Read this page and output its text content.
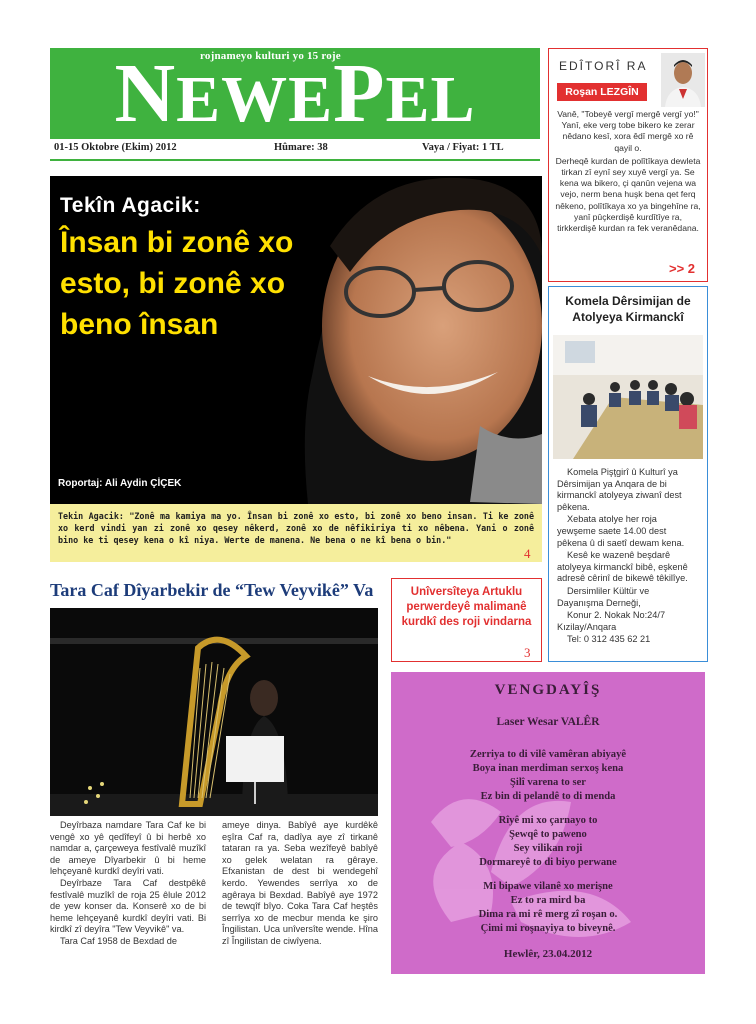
rojnameyo kulturi yo 15 roje
NEWEPEL
01-15 Oktobre (Ekim) 2012	Hûmare: 38	Vaya / Fiyat: 1 TL
EDÎTORÎ RA
Roşan LEZGÎN

Vanê, "Tobeyê vergî mergê vergî yo!" Yanî, eke verg tobe bikero ke zerar nêdano kesî, xora êdî mergê xo rê qayil o.

Derheqê kurdan de polîtîkaya dewleta tirkan zî eynî sey xuyê vergî ya. Se kena wa bikero, çi qanûn vejena wa vejo, nerm bena huşk bena qet ferq nêkeno, polîtîkaya xo ya bingehîne ra, yanî pûçkerdişê kurdîtîye ra, tirkkerdişê kurdan ra fek veranêdana.

>> 2
Tekîn Agacik:
Însan bi zonê xo esto, bi zonê xo beno însan
Roportaj: Ali Aydin ÇİÇEK
Tekin Agacik: "Zonê ma kamiya ma yo. Însan bi zonê xo esto, bi zonê xo beno insan. Ti ke zonê xo kerd vindi yan zi zonê xo qesey nêkerd, zonê xo de nêfikiriya ti xo nêbena. Yani o zonê bino ke ti qesey kena o kî niya. Werte de manena. Ne bena o ne kî bena o bin."
4
Tara Caf Dîyarbekir de “Tew Veyvikê” Va

Deyîrbaza namdare Tara Caf ke bi vengê xo yê qedîfeyî û bi herbê xo namdar a, çarçeweya festîvalê muzîkî de ameye Dîyarbekir û bi heme lehçeyanê kurdkî deyîri vati.

Deyîrbaze Tara Caf destpêkê festîvalê muzîkî de roja 25 êlule 2012 de yew konser da. Konserê xo de bi heme lehçeyanê kurdkî deyîri vati. Bi kirdkî zî deyîra "Tew Veyvikê" va.

Tara Caf 1958 de Bexdad de

ameye dinya. Babîyê aye kurdêkê eşîra Caf ra, dadîya aye zî tirkanê tataran ra ya. Seba wezîfeyê babîyê xo gelek welatan ra gêraye. Efxanistan de dest bi wendegehî kerdo. Yewendes serrîya xo de agêraya bi Bexdad. Babîyê aye 1972 de tewqîf bîyo. Coka Tara Caf heştês serrîya xo de mecbur menda ke şiro Îngilistan. Uca unîversîte wende. Hîna zî Îngilistan de ciwîyena.

Unîversîteya Artuklu perwerdeyê malimanê kurdkî des roji vindarna
3
Komela Dêrsimijan de Atolyeya Kirmanckî

Komela Pişţgirî û Kulturî ya Dêrsimijan ya Anqara de bi kirmanckî atolyeya ziwanî dest pêkena.

Xebata atolye her roja yewşeme saete 14.00 dest pêkena û di saetî dewam kena.

Kesê ke wazenê beşdarê atolyeya kirmanckî bibê, eşkenê adresê cêrinî de bikewê têkilîye.

Dersimliler Kültür ve Dayanışma Derneği,

Konur 2. Nokak No:24/7 Kızilay/Anqara

Tel: 0 312 435 62 21

VENGDAYÎŞ
Laser Wesar VALÊR
Zerriya to di vilê vamêran abiyayê
Boya inan merdiman serxoş kena
Şilî varena to ser
Ez bin di pelandê to di menda
Rîyê mi xo çarnayo to
Şewqê to paweno
Sey vilikan roji
Dormareyê to di biyo perwane
Mi bipawe vilanê xo merişne
Ez to ra mird ba
Dima ra mi rê merg zî roşan o.
Çimi mi roşnayiya to biveynê.
Hewlêr, 23.04.2012
